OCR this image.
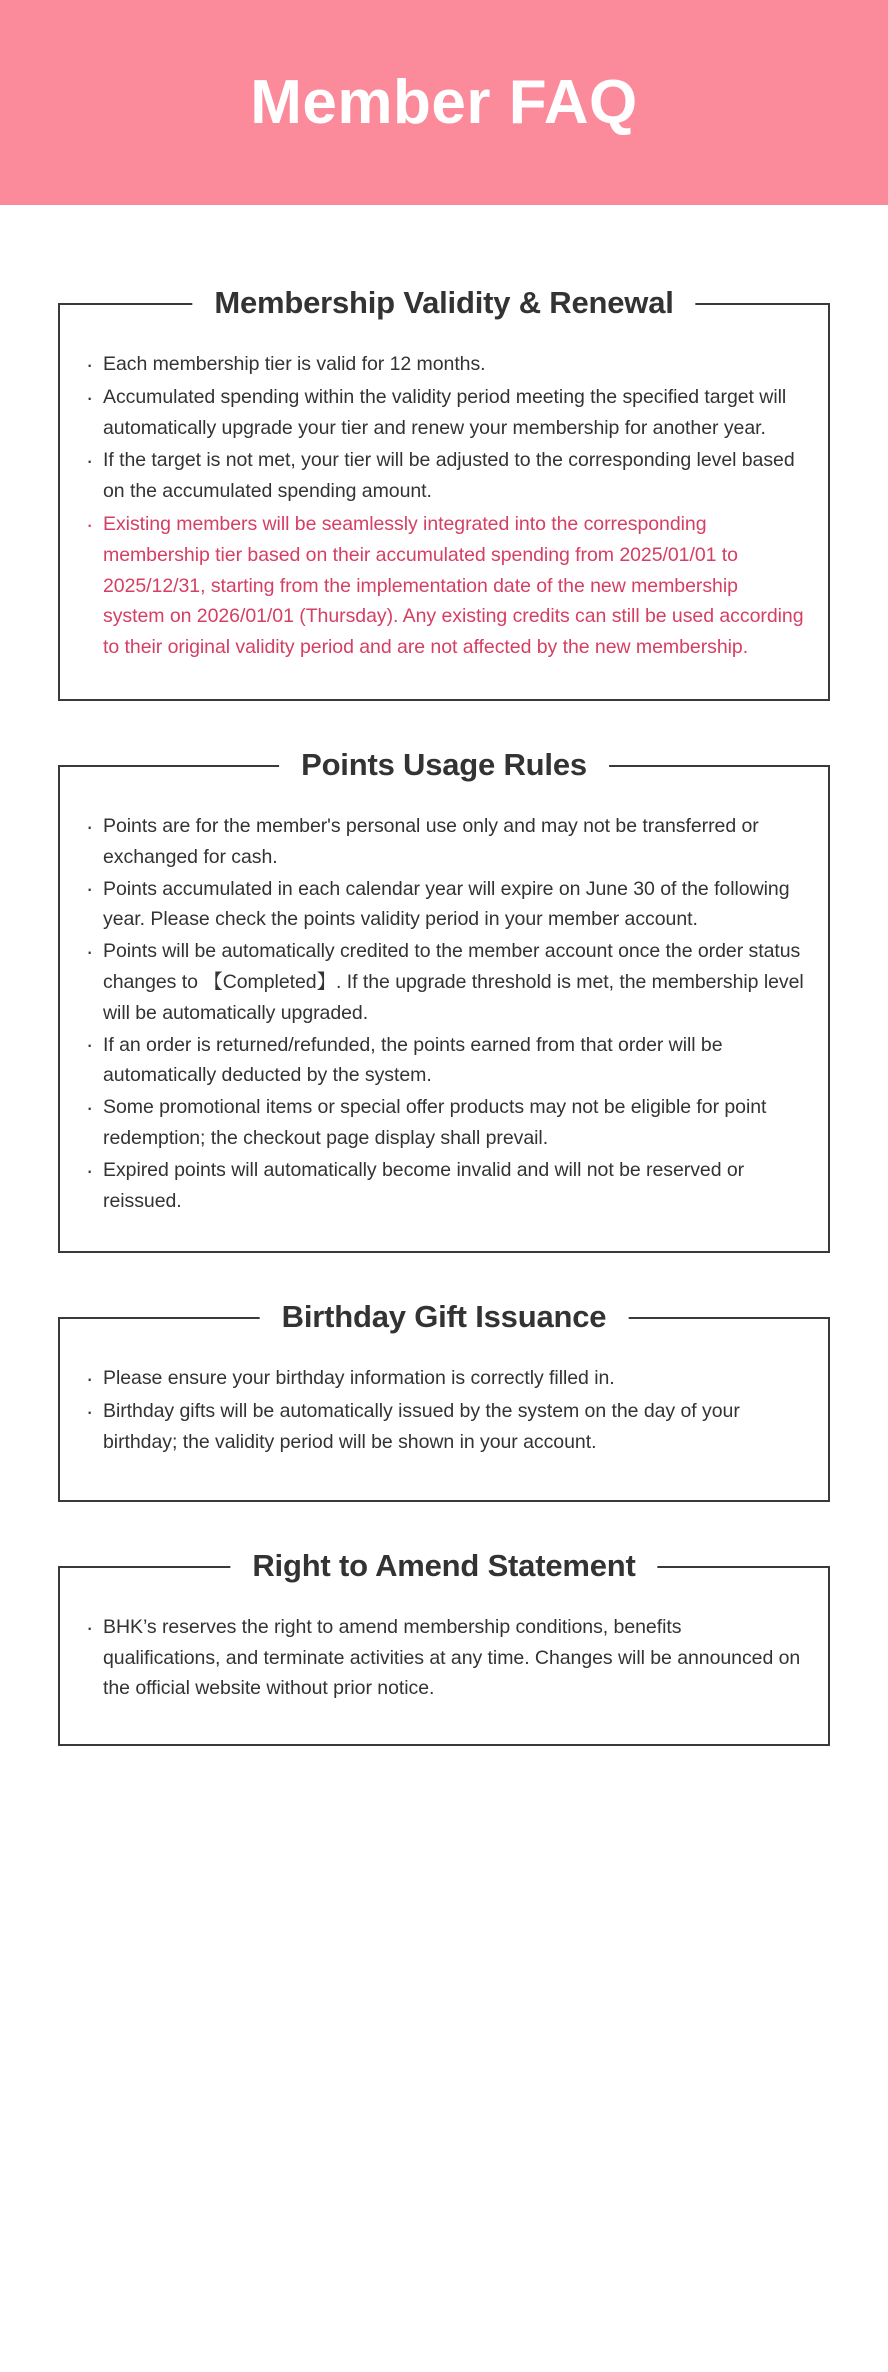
Member FAQ
Membership Validity & Renewal
· Each membership tier is valid for 12 months.
· Accumulated spending within the validity period meeting the specified target will automatically upgrade your tier and renew your membership for another year.
· If the target is not met, your tier will be adjusted to the corresponding level based on the accumulated spending amount.
· Existing members will be seamlessly integrated into the corresponding membership tier based on their accumulated spending from 2025/01/01 to 2025/12/31, starting from the implementation date of the new membership system on 2026/01/01 (Thursday). Any existing credits can still be used according to their original validity period and are not affected by the new membership.
Points Usage Rules
· Points are for the member's personal use only and may not be transferred or exchanged for cash.
· Points accumulated in each calendar year will expire on June 30 of the following year. Please check the points validity period in your member account.
· Points will be automatically credited to the member account once the order status changes to 【Completed】. If the upgrade threshold is met, the membership level will be automatically upgraded.
· If an order is returned/refunded, the points earned from that order will be automatically deducted by the system.
· Some promotional items or special offer products may not be eligible for point redemption; the checkout page display shall prevail.
· Expired points will automatically become invalid and will not be reserved or reissued.
Birthday Gift Issuance
· Please ensure your birthday information is correctly filled in.
· Birthday gifts will be automatically issued by the system on the day of your birthday; the validity period will be shown in your account.
Right to Amend Statement
· BHK’s reserves the right to amend membership conditions, benefits qualifications, and terminate activities at any time. Changes will be announced on the official website without prior notice.
